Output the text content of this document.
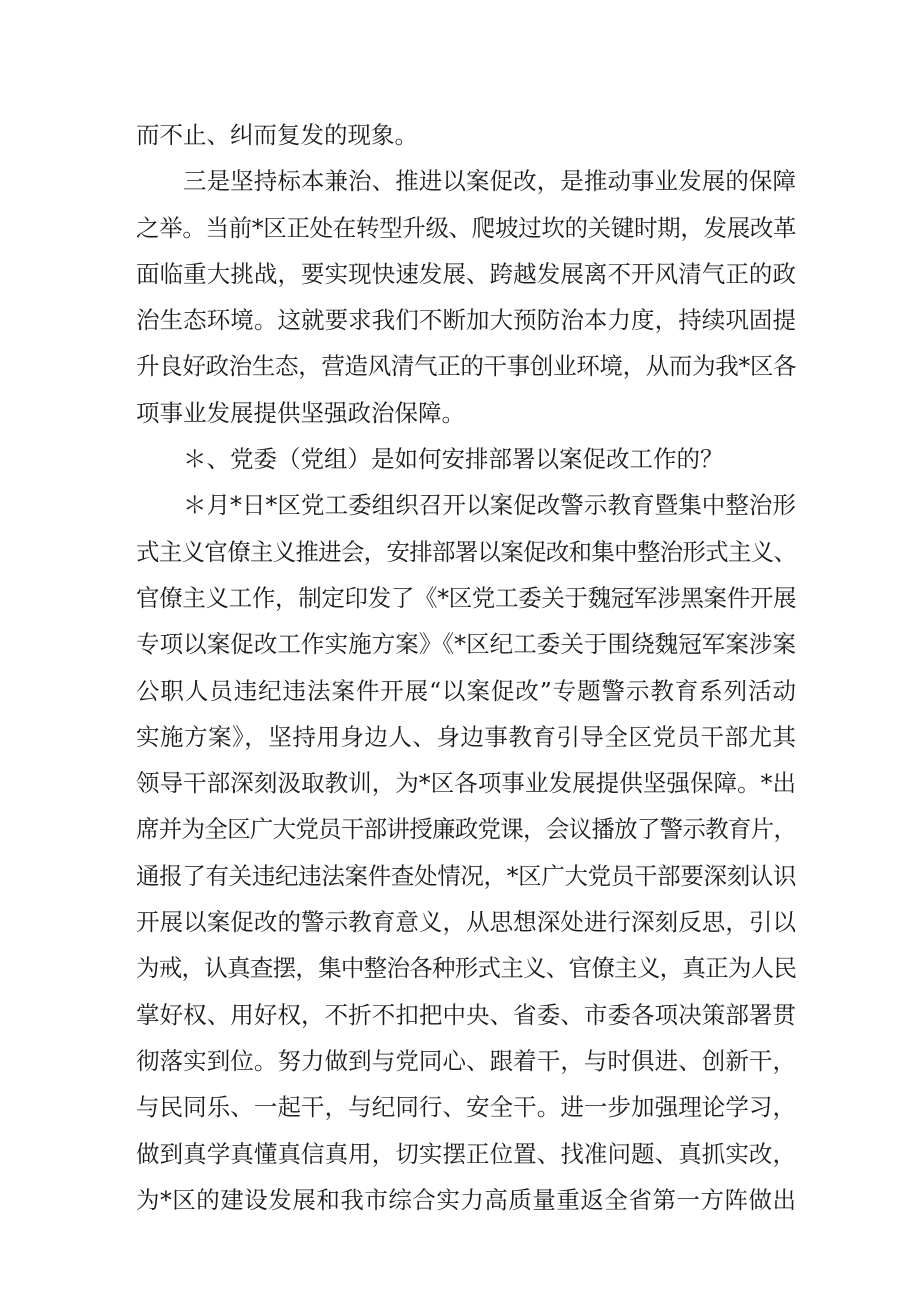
而不止、纠而复发的现象。
三是坚持标本兼治、推进以案促改，是推动事业发展的保障
之举。当前*区正处在转型升级、爬坡过坎的关键时期，发展改革
面临重大挑战，要实现快速发展、跨越发展离不开风清气正的政
治生态环境。这就要求我们不断加大预防治本力度，持续巩固提
升良好政治生态，营造风清气正的干事创业环境，从而为我*区各
项事业发展提供坚强政治保障。
＊、党委（党组）是如何安排部署以案促改工作的？
＊月*日*区党工委组织召开以案促改警示教育暨集中整治形
式主义官僚主义推进会，安排部署以案促改和集中整治形式主义、
官僚主义工作，制定印发了《*区党工委关于魏冠军涉黑案件开展
专项以案促改工作实施方案》《*区纪工委关于围绕魏冠军案涉案
公职人员违纪违法案件开展“以案促改”专题警示教育系列活动
实施方案》，坚持用身边人、身边事教育引导全区党员干部尤其
领导干部深刻汲取教训，为*区各项事业发展提供坚强保障。*出
席并为全区广大党员干部讲授廉政党课，会议播放了警示教育片，
通报了有关违纪违法案件查处情况，*区广大党员干部要深刻认识
开展以案促改的警示教育意义，从思想深处进行深刻反思，引以
为戒，认真查摆，集中整治各种形式主义、官僚主义，真正为人民
掌好权、用好权，不折不扣把中央、省委、市委各项决策部署贯
彻落实到位。努力做到与党同心、跟着干，与时俱进、创新干，
与民同乐、一起干，与纪同行、安全干。进一步加强理论学习，
做到真学真懂真信真用，切实摆正位置、找准问题、真抓实改，
为*区的建设发展和我市综合实力高质量重返全省第一方阵做出
